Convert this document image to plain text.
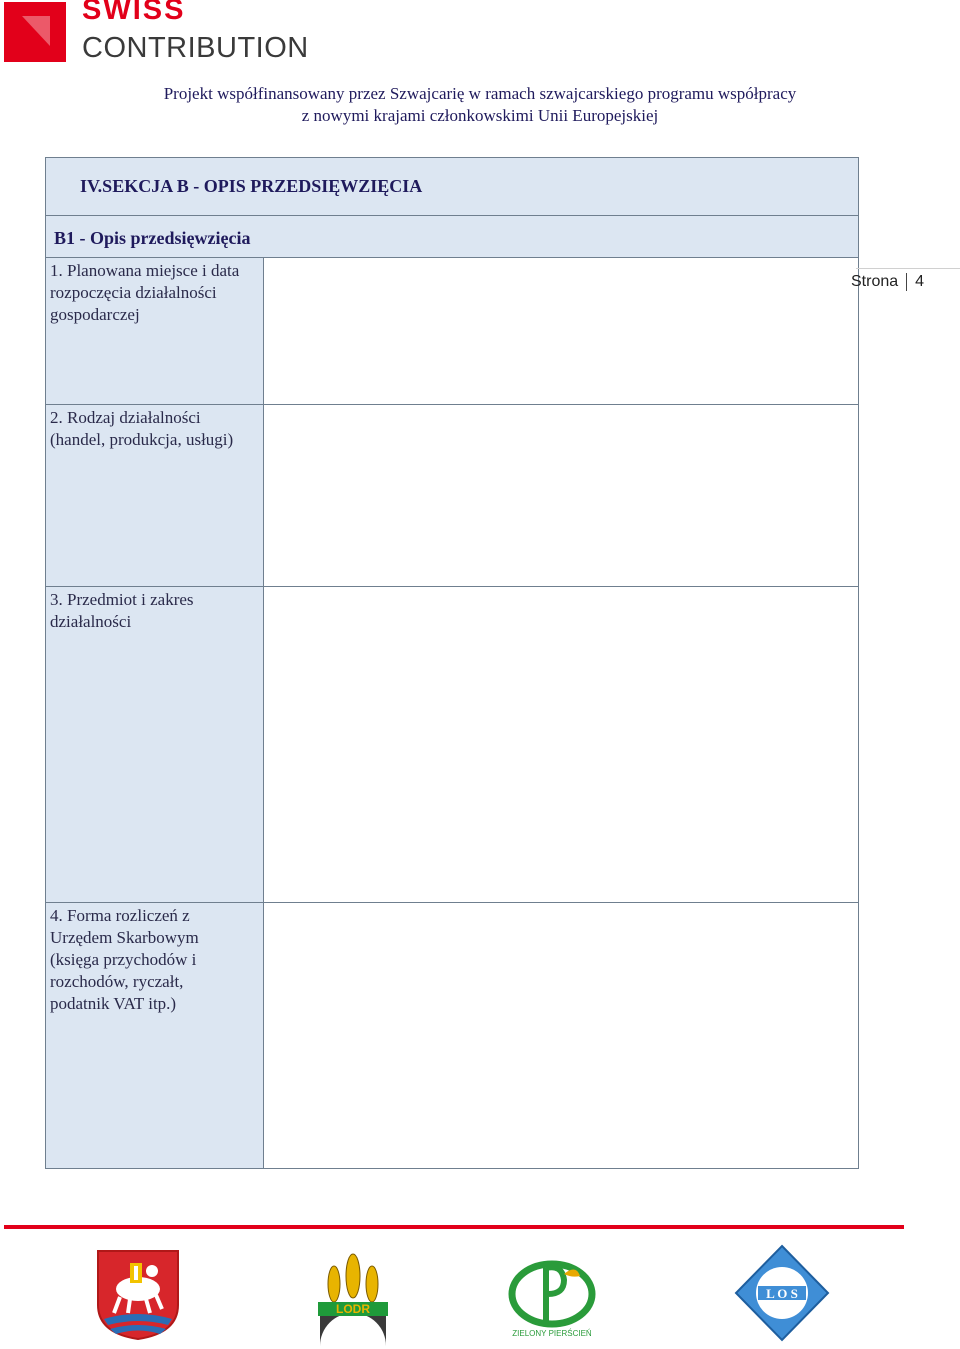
SWISS
CONTRIBUTION
Projekt współfinansowany przez Szwajcarię w ramach szwajcarskiego programu współpracy
z nowymi krajami członkowskimi Unii Europejskiej
IV.SEKCJA B - OPIS PRZEDSIĘWZIĘCIA
B1 - Opis przedsięwzięcia
1. Planowana miejsce i data
rozpoczęcia działalności
gospodarczej
2. Rodzaj działalności
(handel, produkcja, usługi)
3. Przedmiot i zakres
działalności
4. Forma rozliczeń z
Urzędem Skarbowym
(księga przychodów i
rozchodów, ryczałt,
podatnik VAT itp.)
Strona 4
LODR
ZIELONY PIERŚCIEŃ
L O S
